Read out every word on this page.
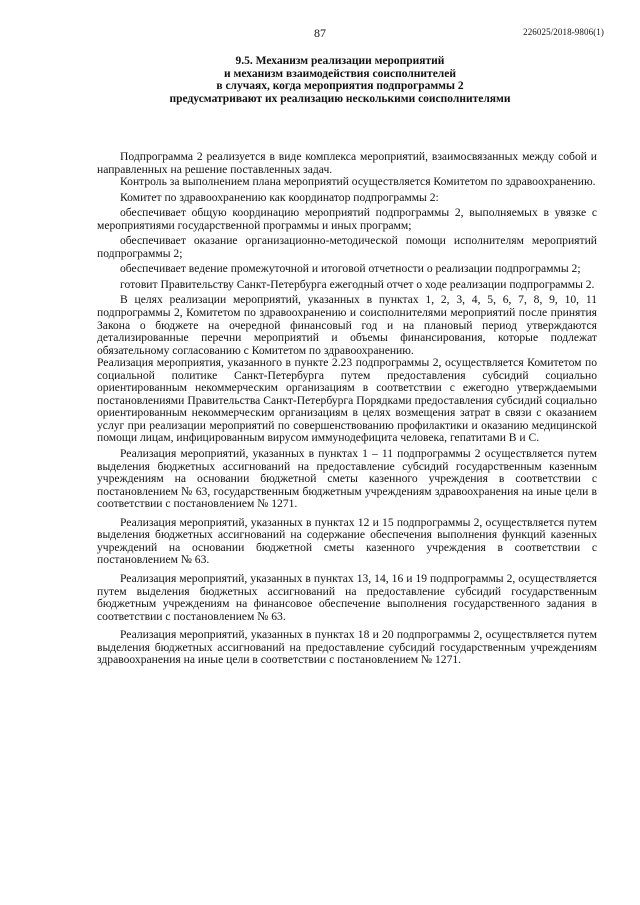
87	226025/2018-9806(1)
9.5. Механизм реализации мероприятий
и механизм взаимодействия соисполнителей
в случаях, когда мероприятия подпрограммы 2
предусматривают их реализацию несколькими соисполнителями

Подпрограмма 2 реализуется в виде комплекса мероприятий, взаимосвязанных между собой и направленных на решение поставленных задач.

Контроль за выполнением плана мероприятий осуществляется Комитетом по здравоохранению.

Комитет по здравоохранению как координатор подпрограммы 2:

обеспечивает общую координацию мероприятий подпрограммы 2, выполняемых в увязке с мероприятиями государственной программы и иных программ;

обеспечивает оказание организационно-методической помощи исполнителям мероприятий подпрограммы 2;

обеспечивает ведение промежуточной и итоговой отчетности о реализации подпрограммы 2;

готовит Правительству Санкт-Петербурга ежегодный отчет о ходе реализации подпрограммы 2.

В целях реализации мероприятий, указанных в пунктах 1, 2, 3, 4, 5, 6, 7, 8, 9, 10, 11 подпрограммы 2, Комитетом по здравоохранению и соисполнителями мероприятий после принятия Закона о бюджете на очередной финансовый год и на плановый период утверждаются детализированные перечни мероприятий и объемы финансирования, которые подлежат обязательному согласованию с Комитетом по здравоохранению.

Реализация мероприятия, указанного в пункте 2.23 подпрограммы 2, осуществляется Комитетом по социальной политике Санкт-Петербурга путем предоставления субсидий социально ориентированным некоммерческим организациям в соответствии с ежегодно утверждаемыми постановлениями Правительства Санкт-Петербурга Порядками предоставления субсидий социально ориентированным некоммерческим организациям в целях возмещения затрат в связи с оказанием услуг при реализации мероприятий по совершенствованию профилактики и оказанию медицинской помощи лицам, инфицированным вирусом иммунодефицита человека, гепатитами В и С.

Реализация мероприятий, указанных в пунктах 1 – 11 подпрограммы 2 осуществляется путем выделения бюджетных ассигнований на предоставление субсидий государственным казенным учреждениям на основании бюджетной сметы казенного учреждения в соответствии с постановлением № 63, государственным бюджетным учреждениям здравоохранения на иные цели в соответствии с постановлением № 1271.

Реализация мероприятий, указанных в пунктах 12 и 15 подпрограммы 2, осуществляется путем выделения бюджетных ассигнований на содержание обеспечения выполнения функций казенных учреждений на основании бюджетной сметы казенного учреждения в соответствии с постановлением № 63.

Реализация мероприятий, указанных в пунктах 13, 14, 16 и 19 подпрограммы 2, осуществляется путем выделения бюджетных ассигнований на предоставление субсидий государственным бюджетным учреждениям на финансовое обеспечение выполнения государственного задания в соответствии с постановлением № 63.

Реализация мероприятий, указанных в пунктах 18 и 20 подпрограммы 2, осуществляется путем выделения бюджетных ассигнований на предоставление субсидий государственным учреждениям здравоохранения на иные цели в соответствии с постановлением № 1271.
